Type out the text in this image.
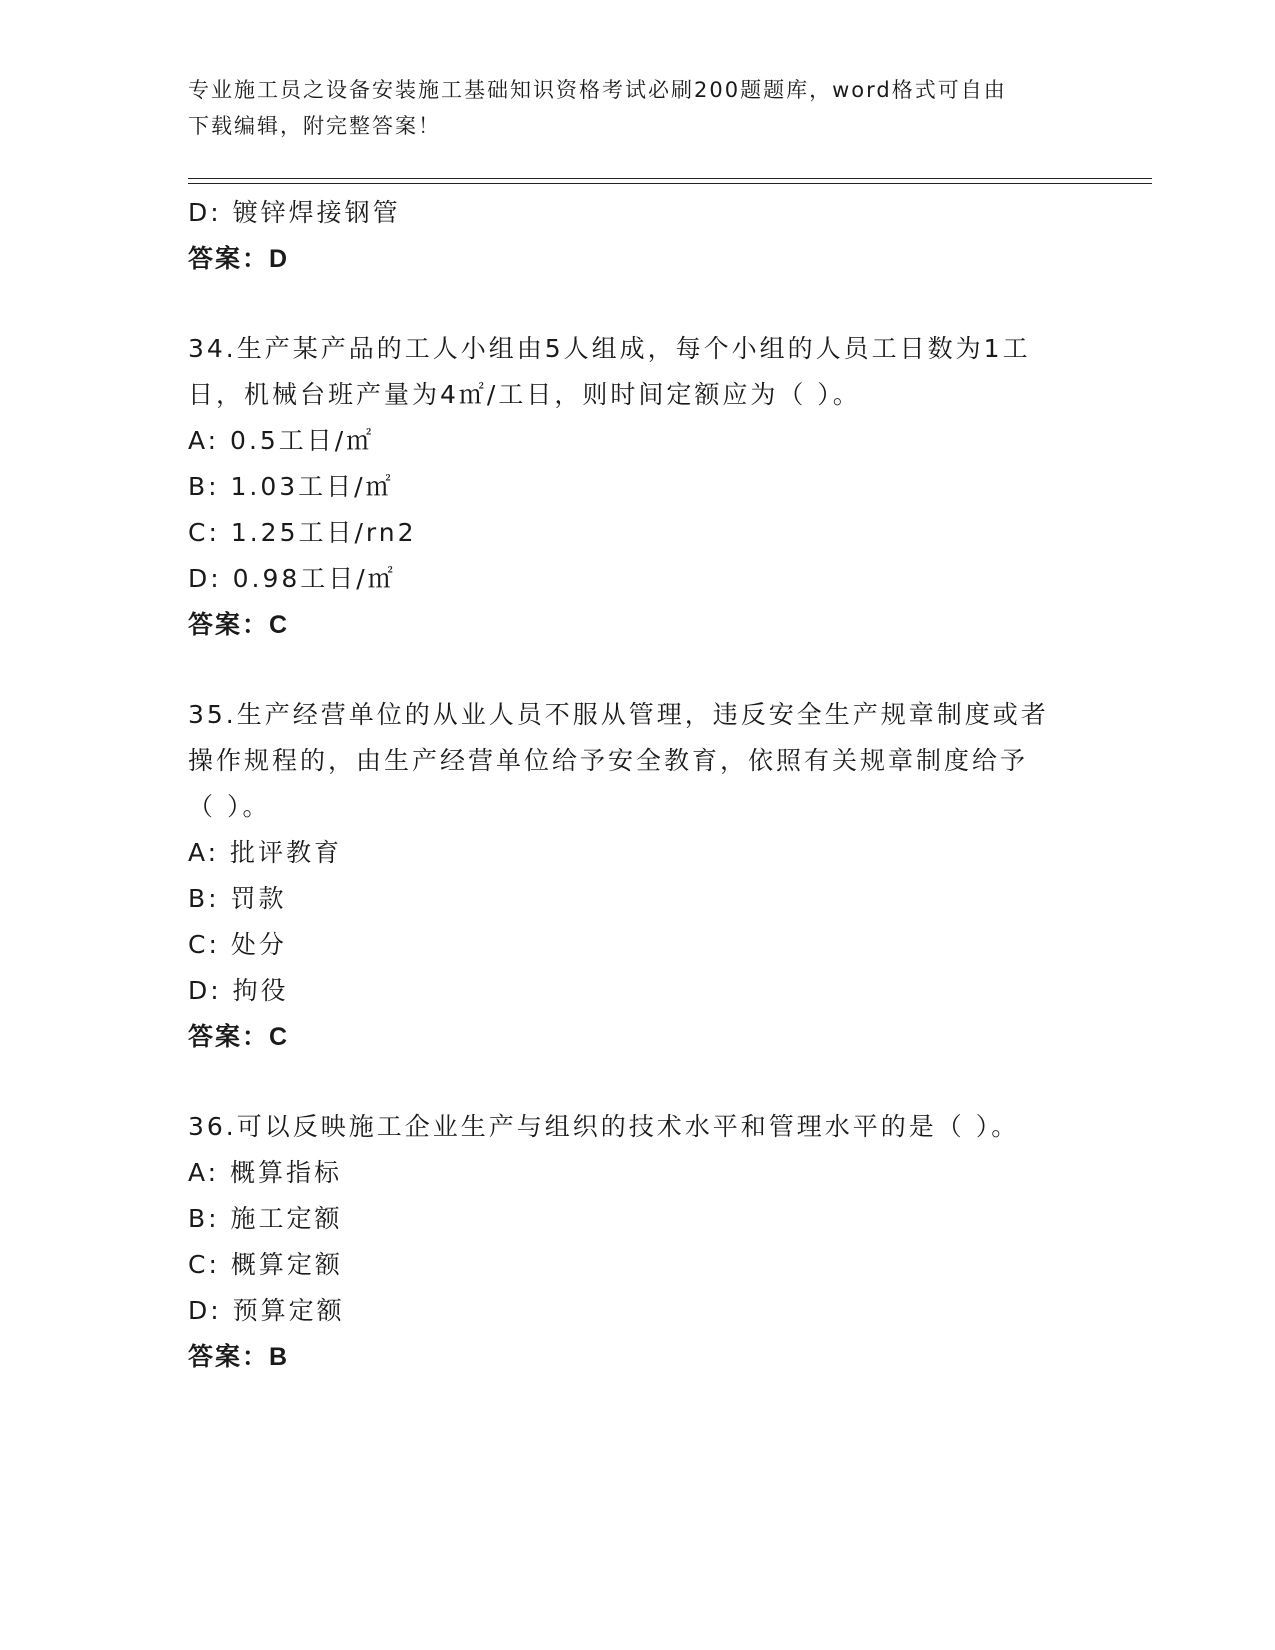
专业施工员之设备安装施工基础知识资格考试必刷200题题库，word格式可自由
下载编辑，附完整答案！
D: 镀锌焊接钢管
答案：D
34.生产某产品的工人小组由5人组成，每个小组的人员工日数为1工
日，机械台班产量为4㎡/工日，则时间定额应为（ ）。
A: 0.5工日/㎡
B: 1.03工日/㎡
C: 1.25工日/rn2
D: 0.98工日/㎡
答案：C
35.生产经营单位的从业人员不服从管理，违反安全生产规章制度或者
操作规程的，由生产经营单位给予安全教育，依照有关规章制度给予
（ ）。
A: 批评教育
B: 罚款
C: 处分
D: 拘役
答案：C
36.可以反映施工企业生产与组织的技术水平和管理水平的是（ ）。
A: 概算指标
B: 施工定额
C: 概算定额
D: 预算定额
答案：B
